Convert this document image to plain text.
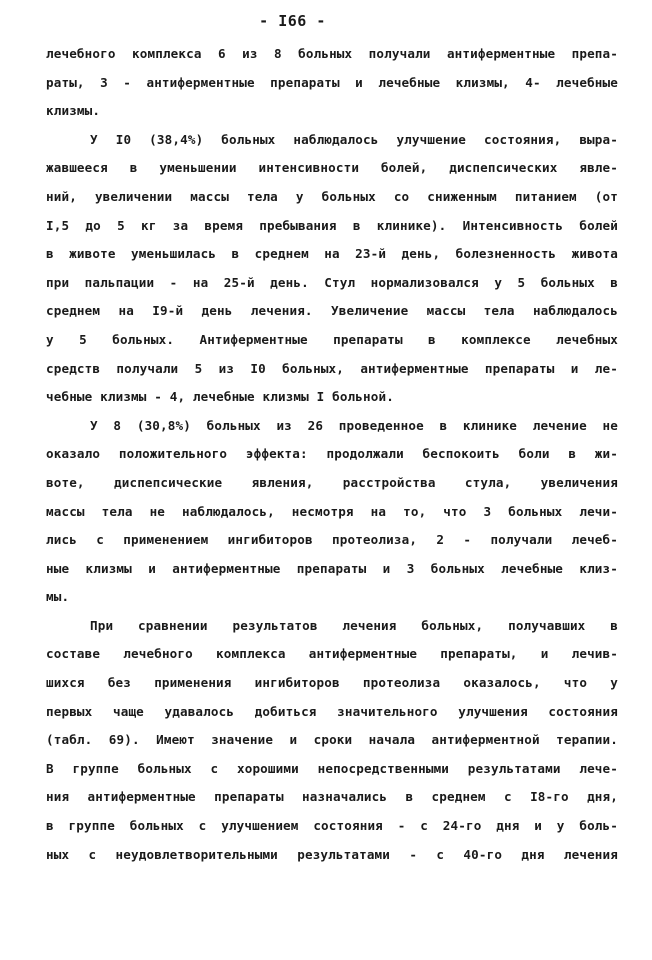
- I66 -
лечебного комплекса 6 из 8 больных получали антиферментные препа-
раты, 3 - антиферментные препараты и лечебные клизмы, 4- лечебные
клизмы.
У I0 (38,4%) больных наблюдалось улучшение состояния, выра-
жавшееся в уменьшении интенсивности болей, диспепсических явле-
ний, увеличении массы тела у больных со сниженным питанием (от
I,5 до 5 кг за время пребывания в клинике). Интенсивность болей
в животе уменьшилась в среднем на 23-й день, болезненность живота
при пальпации - на 25-й день. Стул нормализовался у 5 больных в
среднем на I9-й день лечения. Увеличение массы тела наблюдалось
у 5 больных. Антиферментные препараты в комплексе лечебных
средств получали 5 из I0 больных, антиферментные препараты и ле-
чебные клизмы - 4, лечебные клизмы I больной.
У 8 (30,8%) больных из 26 проведенное в клинике лечение не
оказало положительного эффекта: продолжали беспокоить боли в жи-
воте, диспепсические явления, расстройства стула, увеличения
массы тела не наблюдалось, несмотря на то, что 3 больных лечи-
лись с применением ингибиторов протеолиза, 2 - получали лечеб-
ные клизмы и антиферментные препараты и 3 больных лечебные клиз-
мы.
При сравнении результатов лечения больных, получавших в
составе лечебного комплекса антиферментные препараты, и лечив-
шихся без применения ингибиторов протеолиза оказалось, что у
первых чаще удавалось добиться значительного улучшения состояния
(табл. 69). Имеют значение и сроки начала антиферментной терапии.
В группе больных с хорошими непосредственными результатами лече-
ния антиферментные препараты назначались в среднем с I8-го дня,
в группе больных с улучшением состояния - с 24-го дня и у боль-
ных с неудовлетворительными результатами - с 40-го дня лечения
